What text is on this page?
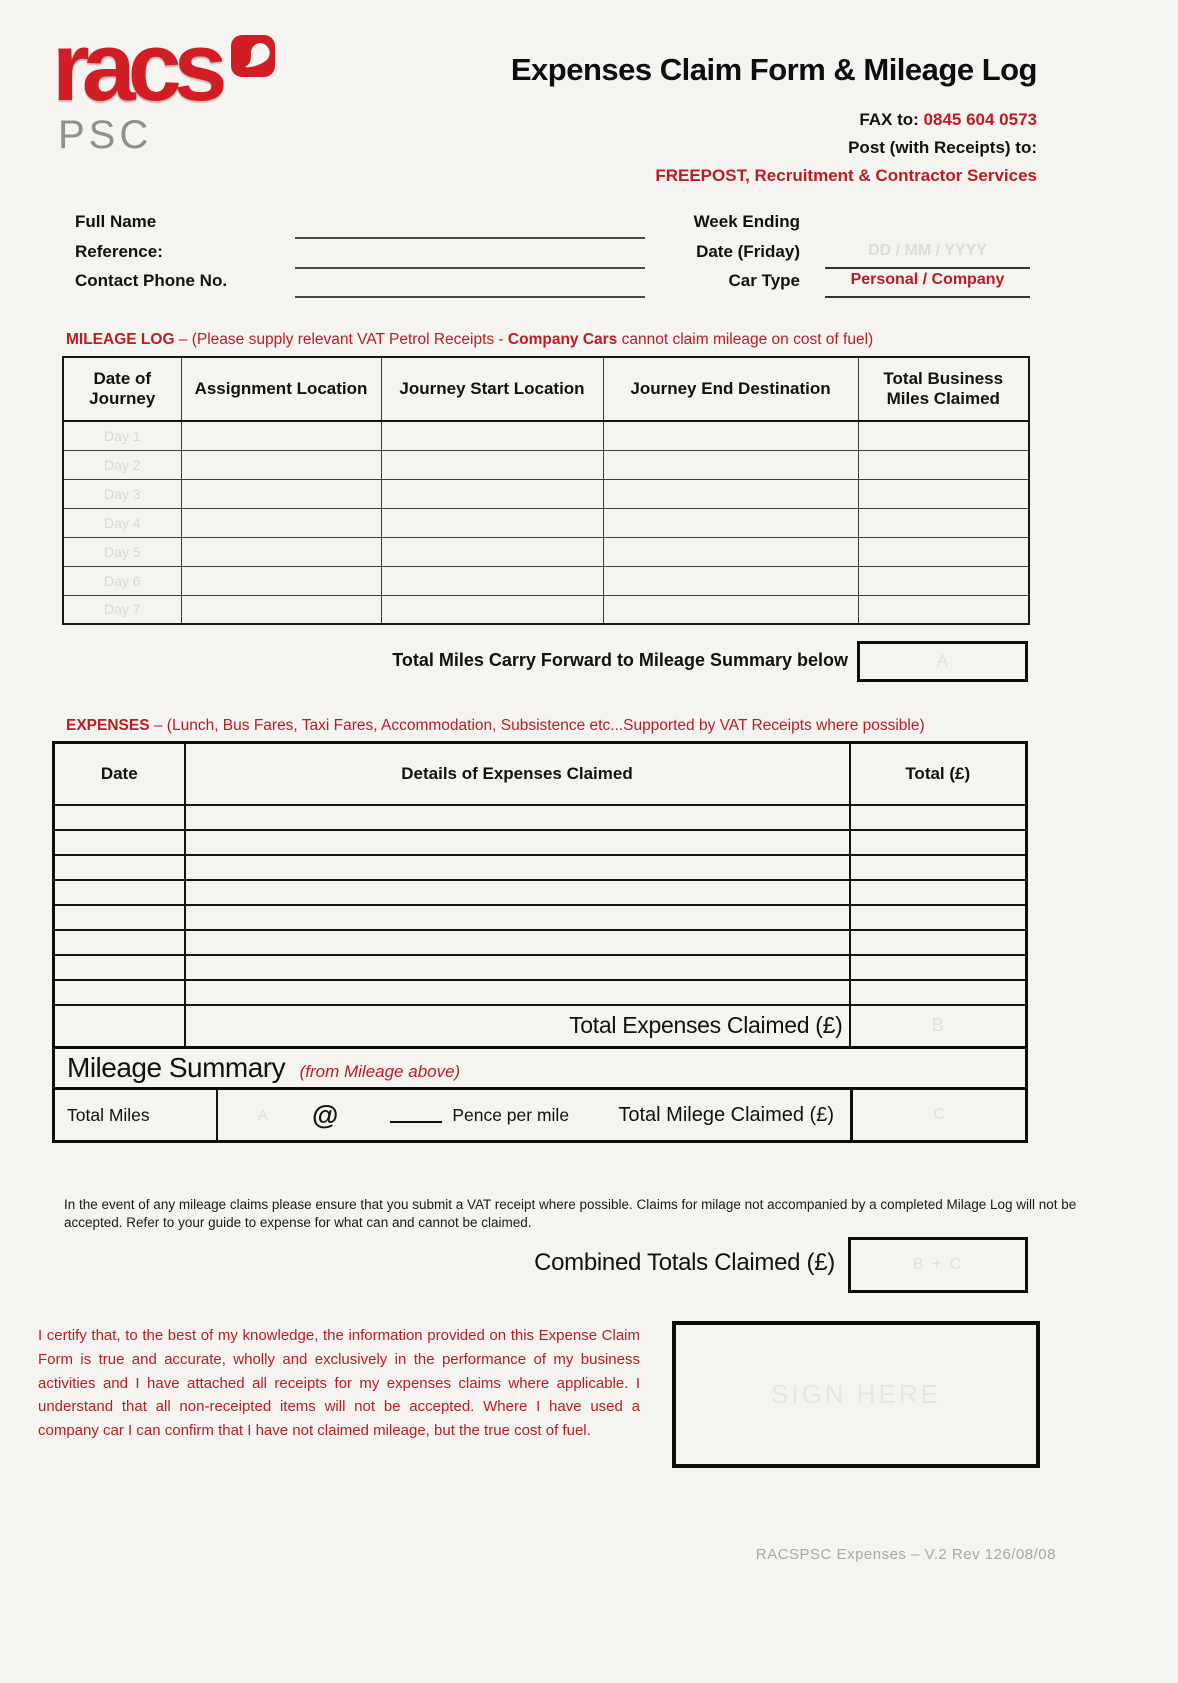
racs
PSC
Expenses Claim Form & Mileage Log
FAX to: 0845 604 0573
Post (with Receipts) to:
FREEPOST, Recruitment & Contractor Services
Full Name
Reference:
Contact Phone No.
Week Ending
Date (Friday)
Car Type
DD / MM / YYYY
Personal / Company
MILEAGE LOG – (Please supply relevant VAT Petrol Receipts - Company Cars cannot claim mileage on cost of fuel)
Date of Journey	Assignment Location	Journey Start Location	Journey End Destination	Total Business Miles Claimed
Day 1				
Day 2				
Day 3				
Day 4				
Day 5				
Day 6				
Day 7				
Total Miles Carry Forward to Mileage Summary below	A
EXPENSES – (Lunch, Bus Fares, Taxi Fares, Accommodation, Subsistence etc...Supported by VAT Receipts where possible)
Date	Details of Expenses Claimed	Total (£)

	Total Expenses Claimed (£)	B
Mileage Summary (from Mileage above)		

Total Miles	A	@	Pence per mile Total Milege Claimed (£)	C
In the event of any mileage claims please ensure that you submit a VAT receipt where possible. Claims for milage not accompanied by a completed Milage Log will not be accepted. Refer to your guide to expense for what can and cannot be claimed.
Combined Totals Claimed (£)	B + C
I certify that, to the best of my knowledge, the information provided on this Expense Claim Form is true and accurate, wholly and exclusively in the performance of my business activities and I have attached all receipts for my expenses claims where applicable. I understand that all non-receipted items will not be accepted. Where I have used a company car I can confirm that I have not claimed mileage, but the true cost of fuel.
SIGN HERE
RACSPSC Expenses – V.2 Rev 126/08/08
